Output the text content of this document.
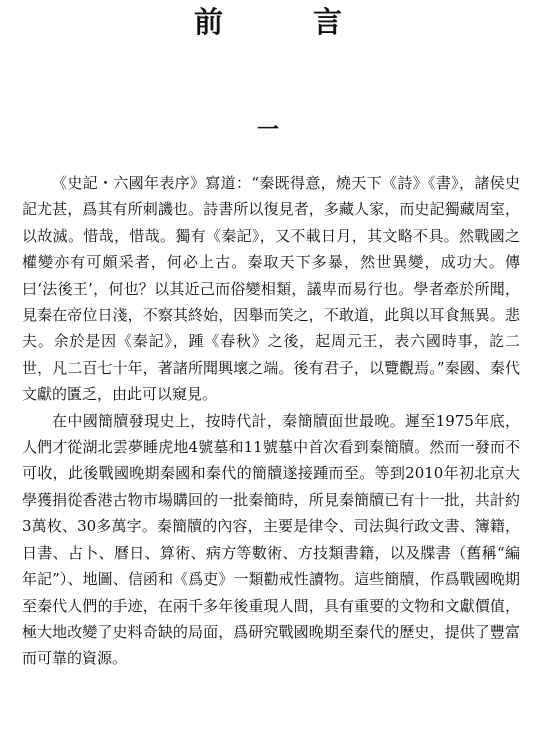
前 言
一

《史記・六國年表序》寫道：“秦既得意，燒天下《詩》《書》，諸侯史記尤甚，爲其有所刺譏也。詩書所以復見者，多藏人家，而史記獨藏周室，以故滅。惜哉，惜哉。獨有《秦記》，又不載日月，其文略不具。然戰國之權變亦有可頗采者，何必上古。秦取天下多暴，然世異變，成功大。傳曰‘法後王’，何也？以其近己而俗變相類，議卑而易行也。學者牽於所聞，見秦在帝位日淺，不察其終始，因舉而笑之，不敢道，此與以耳食無異。悲夫。余於是因《秦記》，踵《春秋》之後，起周元王，表六國時事，訖二世，凡二百七十年，著諸所聞興壞之端。後有君子，以覽觀焉。”秦國、秦代文獻的匱乏，由此可以窺見。

在中國簡牘發現史上，按時代計，秦簡牘面世最晚。遲至1975年底，人們才從湖北雲夢睡虎地4號墓和11號墓中首次看到秦簡牘。然而一發而不可收，此後戰國晚期秦國和秦代的簡牘遂接踵而至。等到2010年初北京大學獲捐從香港古物市場購回的一批秦簡時，所見秦簡牘已有十一批，共計約3萬枚、30多萬字。秦簡牘的內容，主要是律令、司法與行政文書、簿籍，日書、占卜、曆日、算術、病方等數術、方技類書籍，以及牒書（舊稱“編年記”）、地圖、信函和《爲吏》一類勸戒性讀物。這些簡牘，作爲戰國晚期至秦代人們的手迹，在兩千多年後重現人間，具有重要的文物和文獻價值，極大地改變了史料奇缺的局面，爲研究戰國晚期至秦代的歷史，提供了豐富而可靠的資源。
